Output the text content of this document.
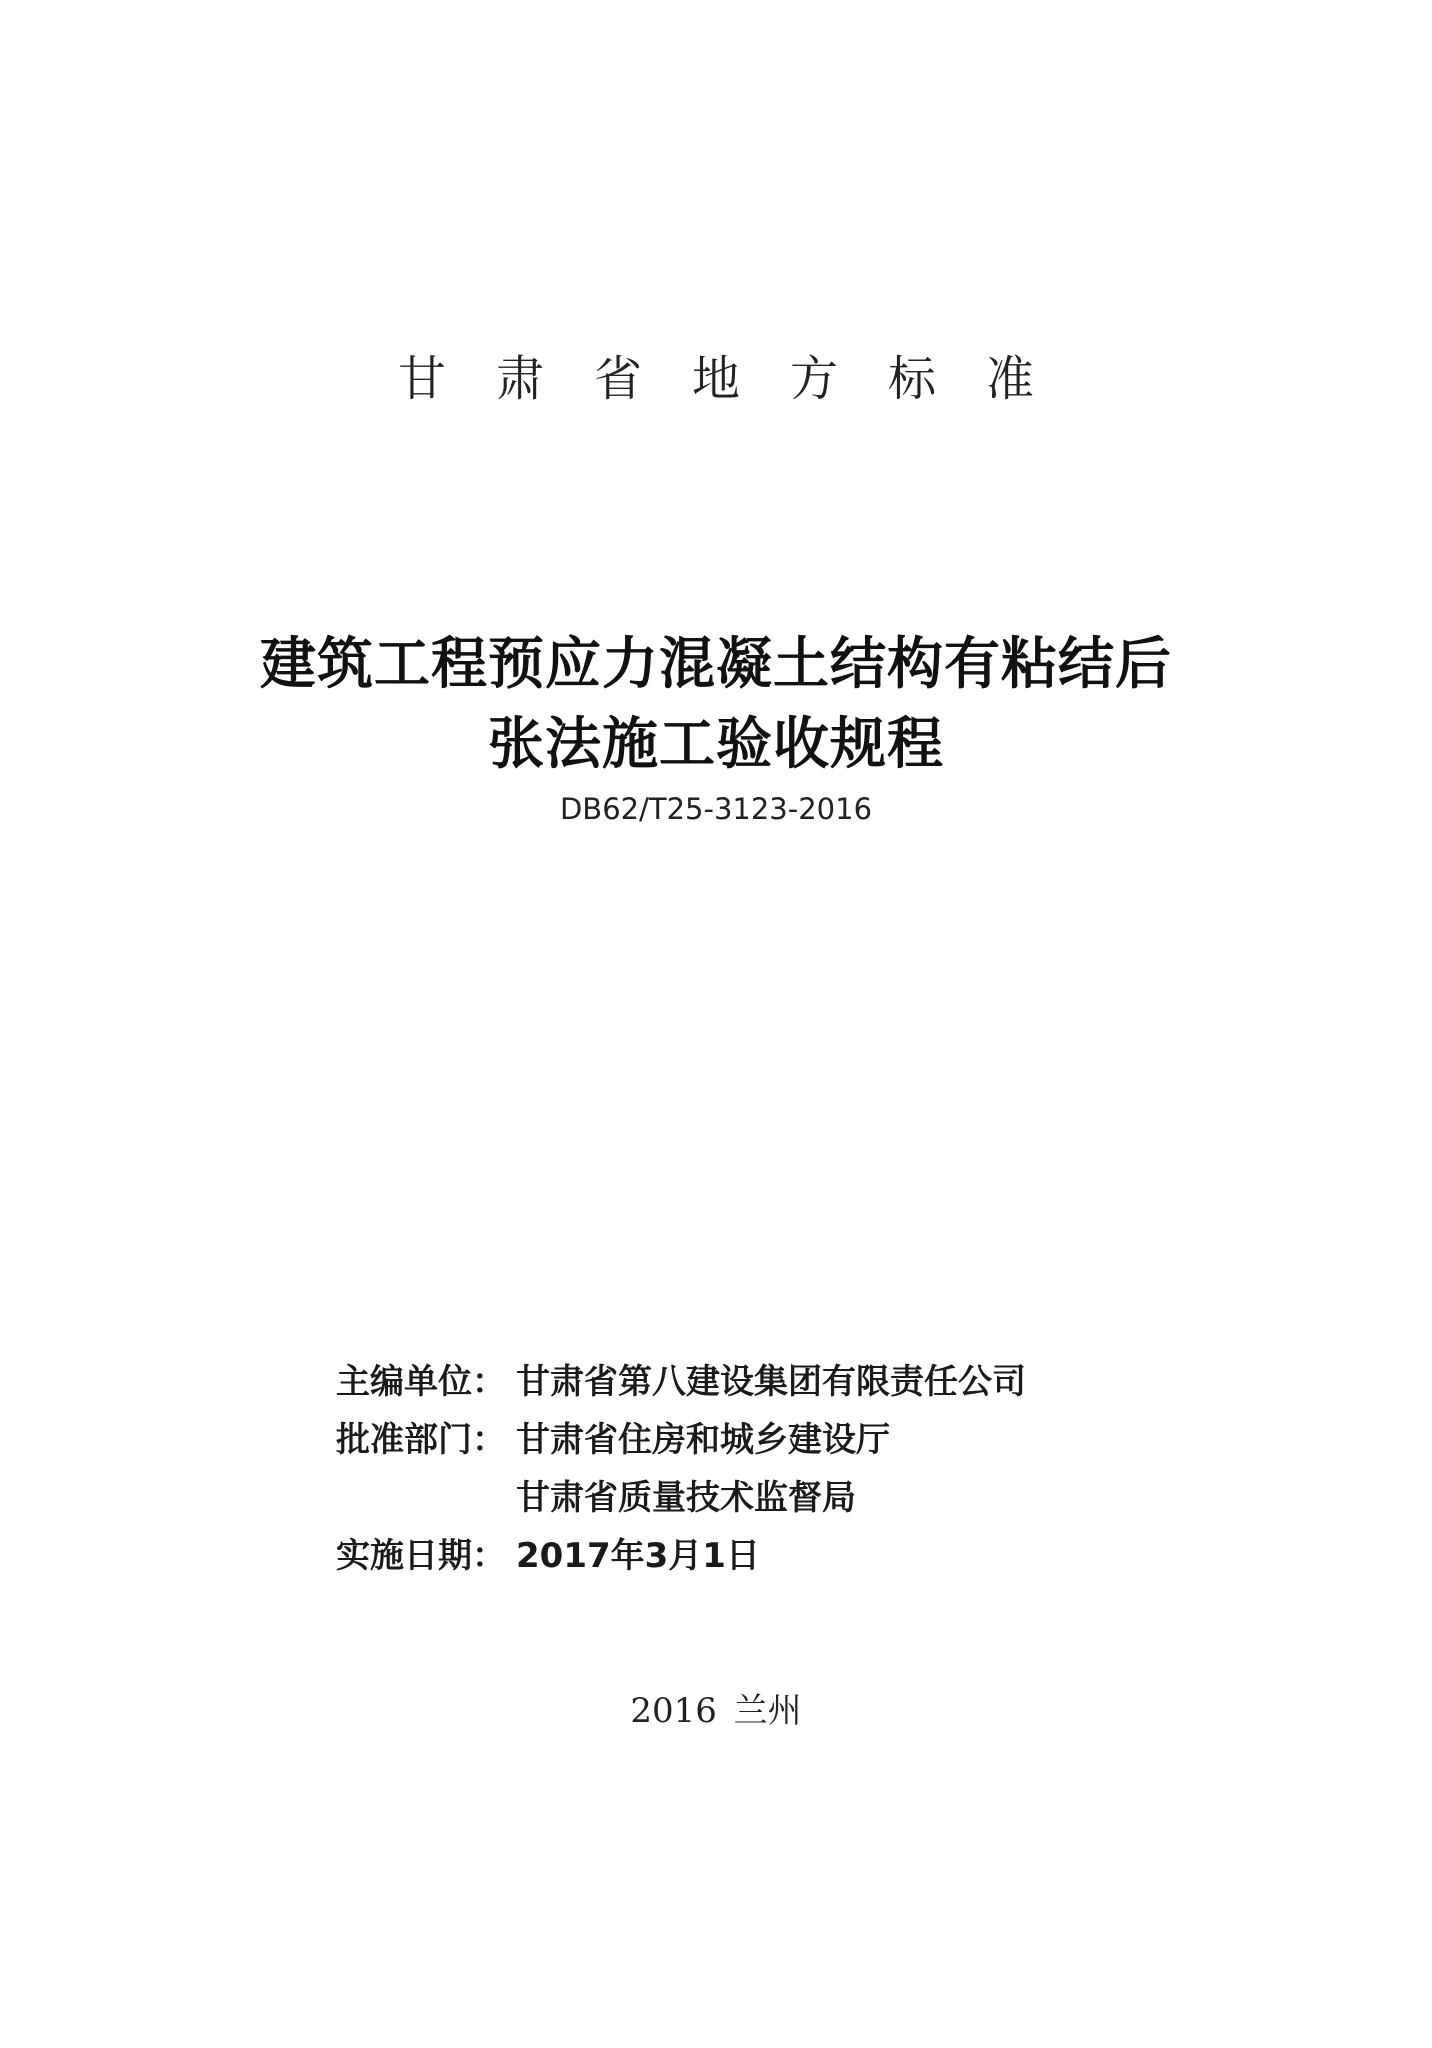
甘肃省地方标准
建筑工程预应力混凝土结构有粘结后
张法施工验收规程
DB62/T25-3123-2016
主编单位： 甘肃省第八建设集团有限责任公司
批准部门： 甘肃省住房和城乡建设厅
甘肃省质量技术监督局
实施日期： 2017年3月1日
2016 兰州
